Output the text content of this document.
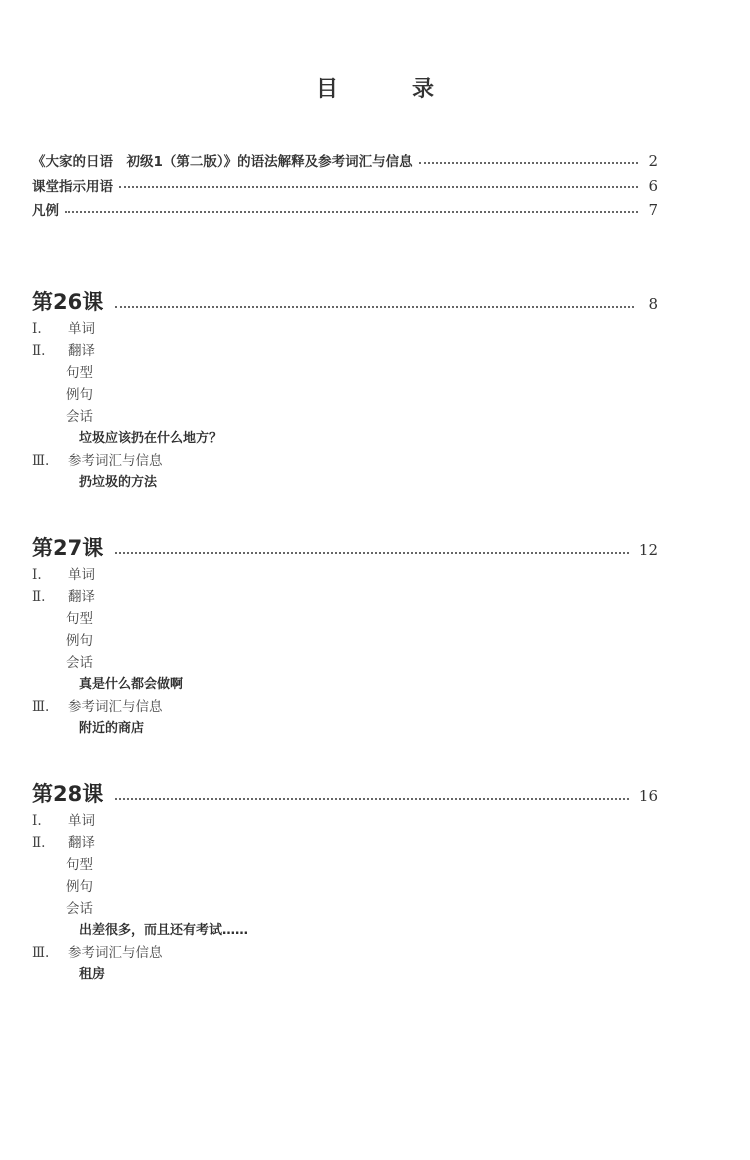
目　录
《大家的日语　初级1（第二版）》的语法解释及参考词汇与信息	2
课堂指示用语	6
凡例	7
第26课	8
Ⅰ. 单词
Ⅱ. 翻译
句型
例句
会话
垃圾应该扔在什么地方？
Ⅲ. 参考词汇与信息
扔垃圾的方法
第27课	12
Ⅰ. 单词
Ⅱ. 翻译
句型
例句
会话
真是什么都会做啊
Ⅲ. 参考词汇与信息
附近的商店
第28课	16
Ⅰ. 单词
Ⅱ. 翻译
句型
例句
会话
出差很多，而且还有考试……
Ⅲ. 参考词汇与信息
租房
